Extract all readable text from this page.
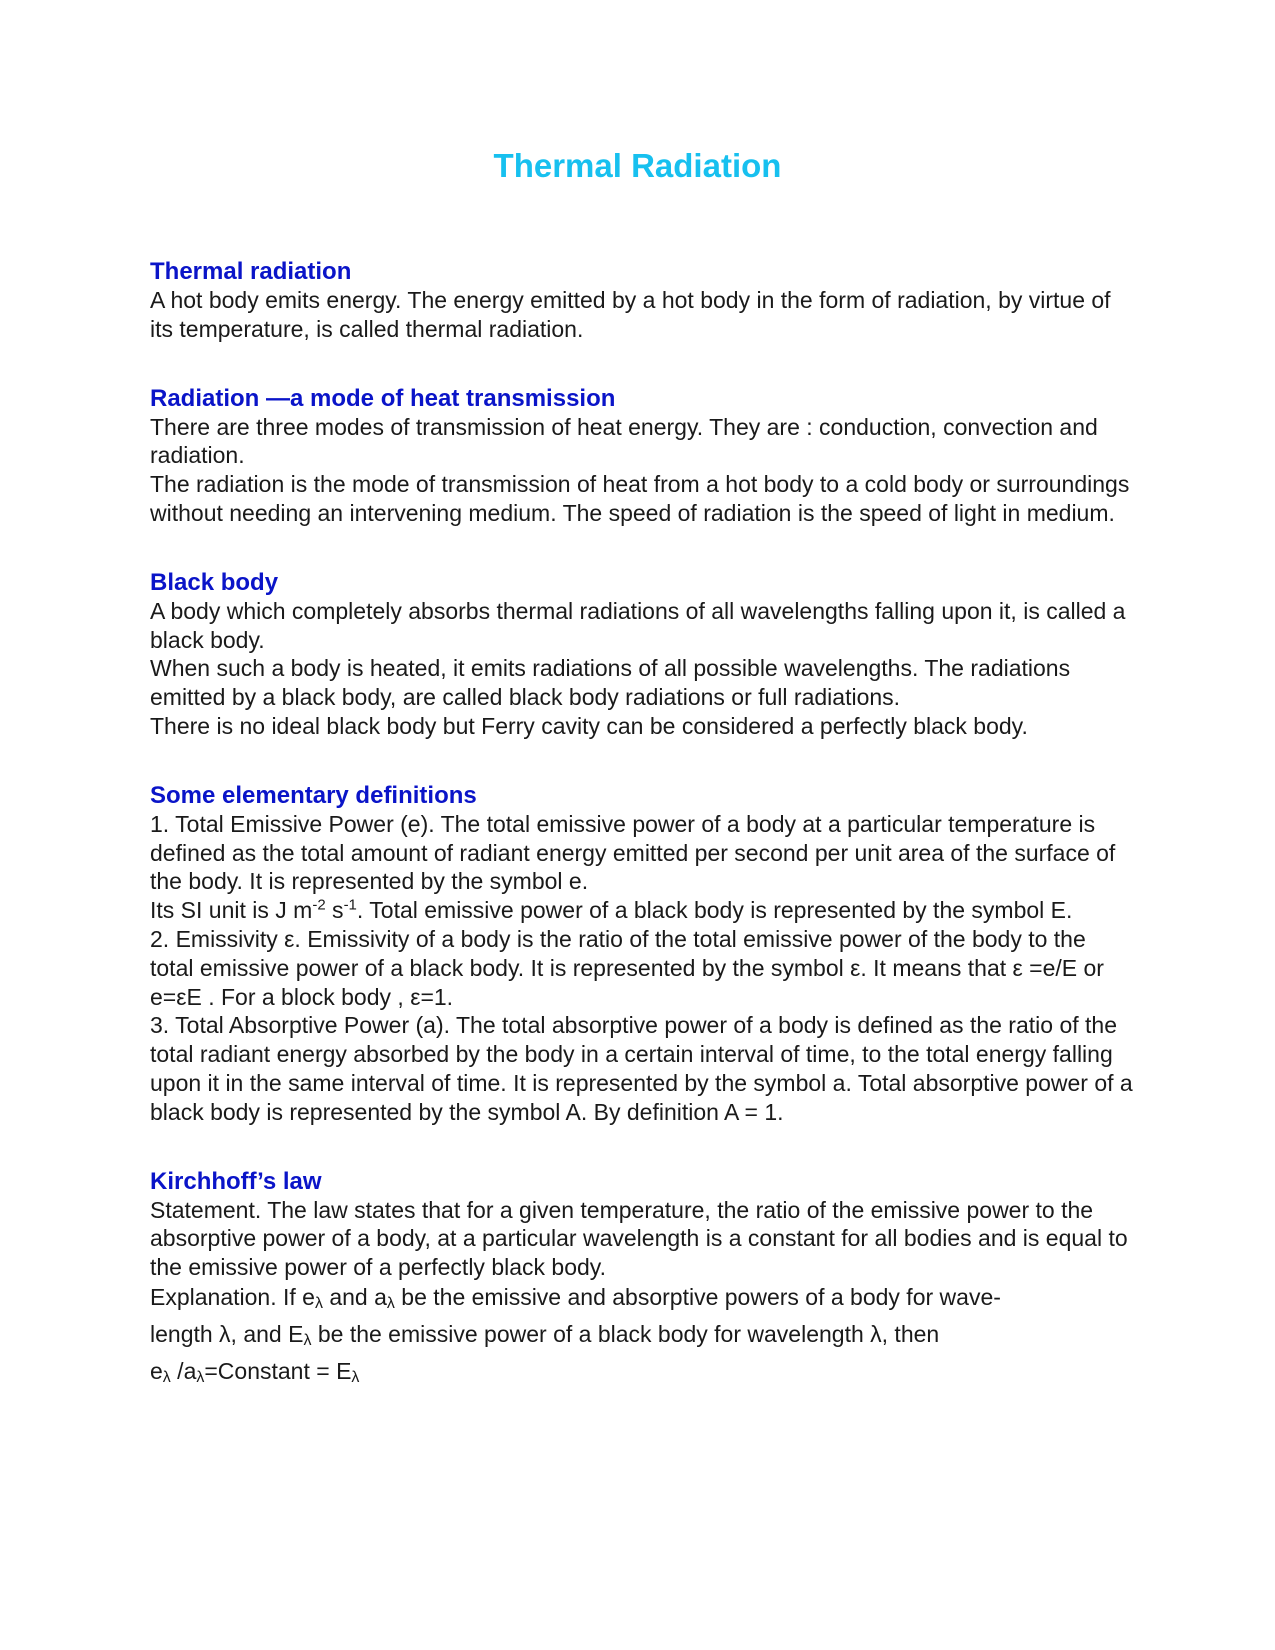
Thermal Radiation
Thermal radiation

A hot body emits energy. The energy emitted by a hot body in the form of radiation, by virtue of its temperature, is called thermal radiation.

Radiation —a mode of heat transmission

There are three modes of transmission of heat energy. They are : conduction, convection and radiation.

The radiation is the mode of transmission of heat from a hot body to a cold body or surroundings without needing an intervening medium. The speed of radiation is the speed of light in medium.

Black body

A body which completely absorbs thermal radiations of all wavelengths falling upon it, is called a black body.

When such a body is heated, it emits radiations of all possible wavelengths. The radiations emitted by a black body, are called black body radiations or full radiations.

There is no ideal black body but Ferry cavity can be considered a perfectly black body.

Some elementary definitions

1. Total Emissive Power (e). The total emissive power of a body at a particular temperature is defined as the total amount of radiant energy emitted per second per unit area of the surface of the body. It is represented by the symbol e.

Its SI unit is J $m^{-2}$ $s^{-1}$. Total emissive power of a black body is represented by the symbol E.

2. Emissivity ε. Emissivity of a body is the ratio of the total emissive power of the body to the total emissive power of a black body. It is represented by the symbol ε. It means that ε =e/E or e=εE . For a block body , ε=1.

3. Total Absorptive Power (a). The total absorptive power of a body is defined as the ratio of the total radiant energy absorbed by the body in a certain interval of time, to the total energy falling upon it in the same interval of time. It is represented by the symbol a. Total absorptive power of a black body is represented by the symbol A. By definition A = 1.

Kirchhoff’s law

Statement. The law states that for a given temperature, the ratio of the emissive power to the absorptive power of a body, at a particular wavelength is a constant for all bodies and is equal to the emissive power of a perfectly black body.

Explanation. If eλ and aλ be the emissive and absorptive powers of a body for wave-
length λ, and Eλ be the emissive power of a black body for wavelength λ, then
eλ /aλ=Constant = Eλ
